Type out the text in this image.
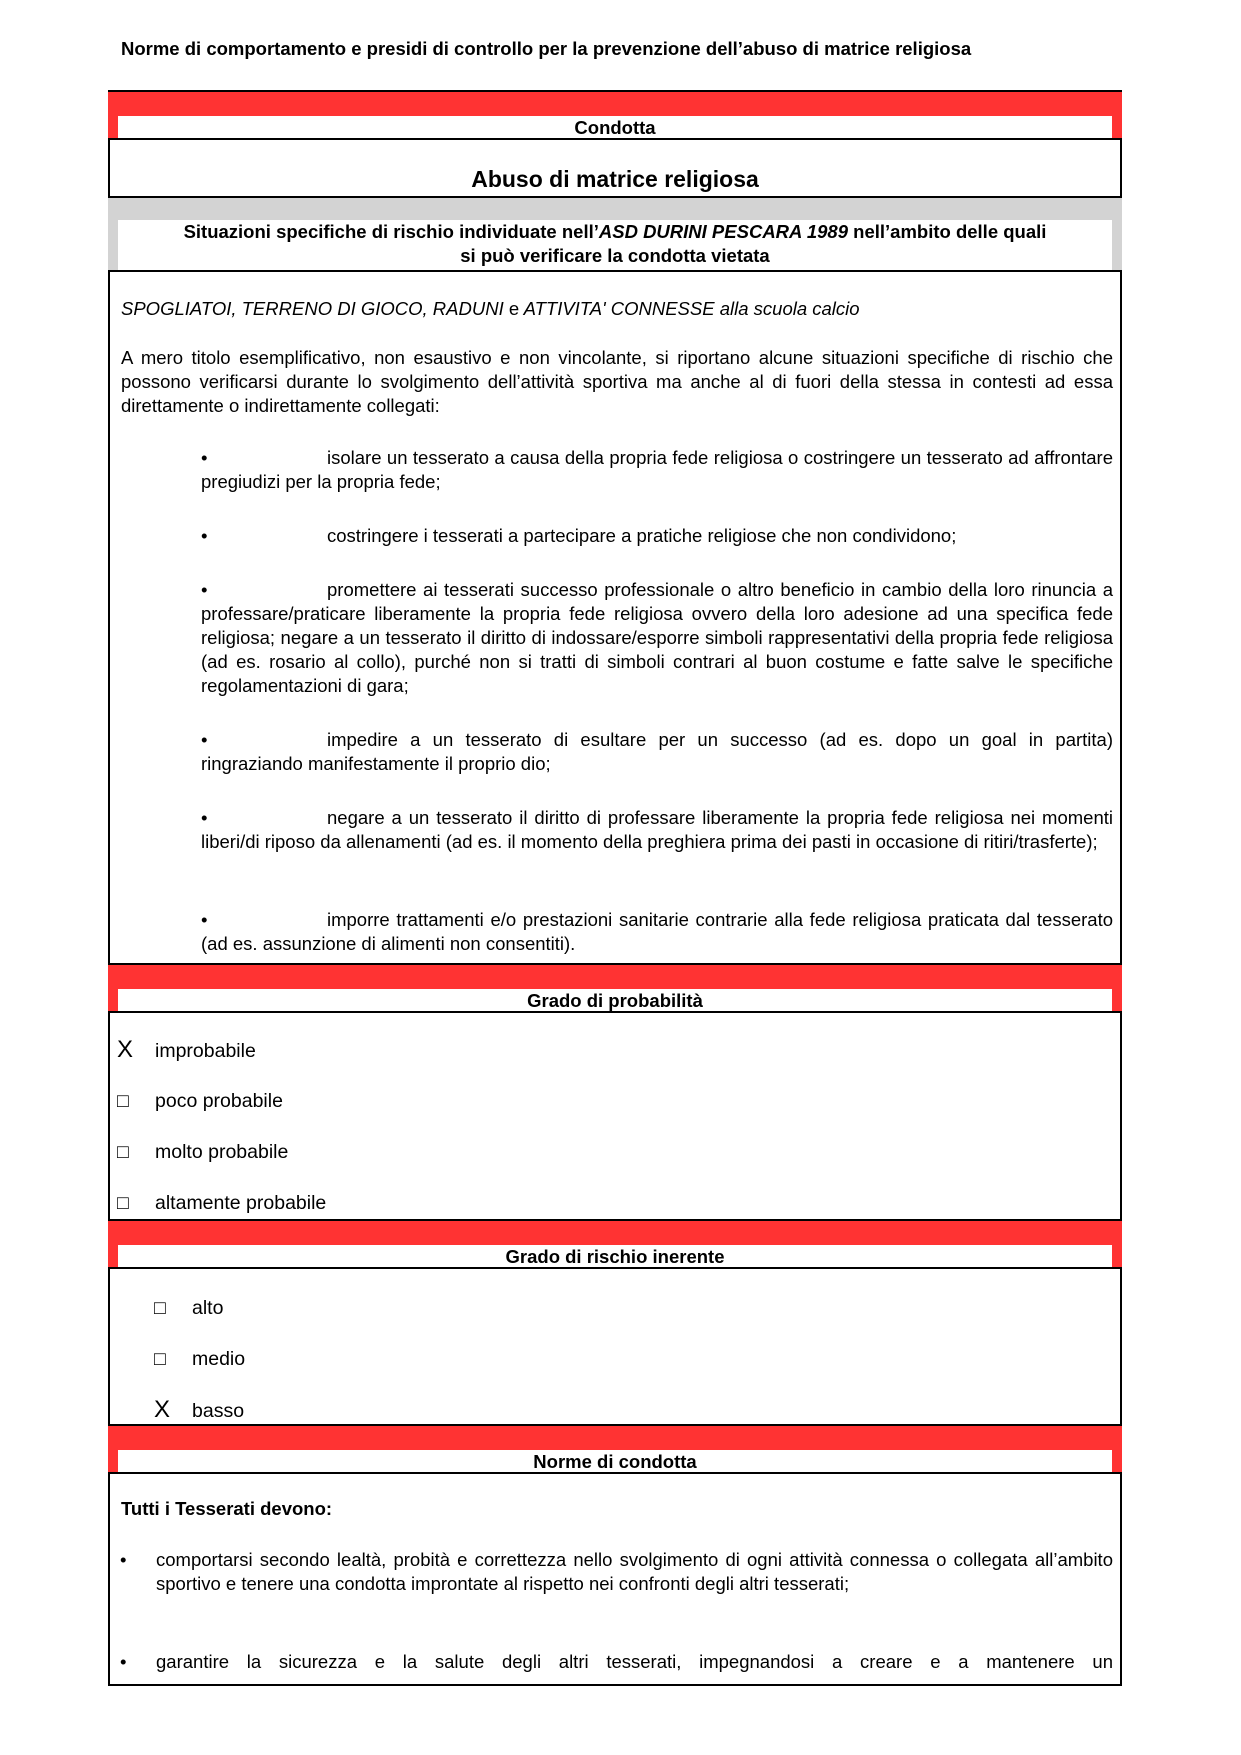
Norme di comportamento e presidi di controllo per la prevenzione dell’abuso di matrice religiosa
Condotta
Abuso di matrice religiosa
Situazioni specifiche di rischio individuate nell’ASD DURINI PESCARA 1989 nell’ambito delle quali
si può verificare la condotta vietata
SPOGLIATOI, TERRENO DI GIOCO, RADUNI e ATTIVITA' CONNESSE alla scuola calcio
A mero titolo esemplificativo, non esaustivo e non vincolante, si riportano alcune situazioni specifiche di rischio che possono verificarsi durante lo svolgimento dell’attività sportiva ma anche al di fuori della stessa in contesti ad essa direttamente o indirettamente collegati:
•	isolare un tesserato a causa della propria fede religiosa o costringere un tesserato ad affrontare pregiudizi per la propria fede;
•	costringere i tesserati a partecipare a pratiche religiose che non condividono;
•	promettere ai tesserati successo professionale o altro beneficio in cambio della loro rinuncia a professare/praticare liberamente la propria fede religiosa ovvero della loro adesione ad una specifica fede religiosa; negare a un tesserato il diritto di indossare/esporre simboli rappresentativi della propria fede religiosa (ad es. rosario al collo), purché non si tratti di simboli contrari al buon costume e fatte salve le specifiche regolamentazioni di gara;
•	impedire a un tesserato di esultare per un successo (ad es. dopo un goal in partita) ringraziando manifestamente il proprio dio;
•	negare a un tesserato il diritto di professare liberamente la propria fede religiosa nei momenti liberi/di riposo da allenamenti (ad es. il momento della preghiera prima dei pasti in occasione di ritiri/trasferte);
•	imporre trattamenti e/o prestazioni sanitarie contrarie alla fede religiosa praticata dal tesserato (ad es. assunzione di alimenti non consentiti).
Grado di probabilità
X improbabile
□ poco probabile
□ molto probabile
□ altamente probabile
Grado di rischio inerente
□ alto
□ medio
X basso
Norme di condotta
Tutti i Tesserati devono:
• comportarsi secondo lealtà, probità e correttezza nello svolgimento di ogni attività connessa o collegata all’ambito sportivo e tenere una condotta improntate al rispetto nei confronti degli altri tesserati;
• garantire la sicurezza e la salute degli altri tesserati, impegnandosi a creare e a mantenere un
